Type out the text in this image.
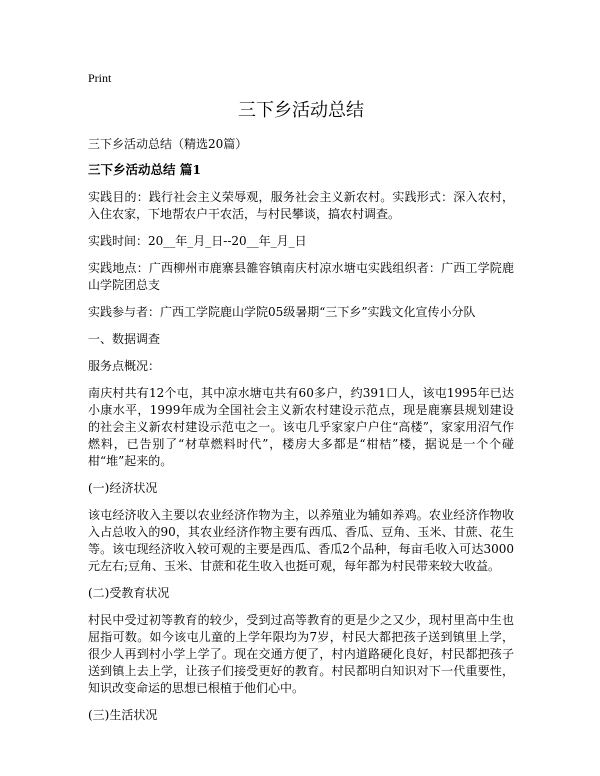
Print
三下乡活动总结
三下乡活动总结（精选20篇）
三下乡活动总结 篇1

实践目的：践行社会主义荣辱观，服务社会主义新农村。实践形式：深入农村，入住农家，下地帮农户干农活，与村民攀谈，搞农村调查。

实践时间：20__年_月_日--20__年_月_日

实践地点：广西柳州市鹿寨县雒容镇南庆村凉水塘屯实践组织者：广西工学院鹿山学院团总支

实践参与者：广西工学院鹿山学院05级暑期“三下乡”实践文化宣传小分队

一、数据调查

服务点概况：

南庆村共有12个屯，其中凉水塘屯共有60多户，约391口人，该屯1995年已达小康水平，1999年成为全国社会主义新农村建设示范点，现是鹿寨县规划建设的社会主义新农村建设示范屯之一。该屯几乎家家户户住“高楼”，家家用沼气作燃料，已告别了“材草燃料时代”，楼房大多都是“柑桔”楼，据说是一个个碰柑“堆”起来的。

(一)经济状况

该屯经济收入主要以农业经济作物为主，以养殖业为辅如养鸡。农业经济作物收入占总收入的90，其农业经济作物主要有西瓜、香瓜、豆角、玉米、甘蔗、花生等。该屯现经济收入较可观的主要是西瓜、香瓜2个品种，每亩毛收入可达3000元左右;豆角、玉米、甘蔗和花生收入也挺可观，每年都为村民带来较大收益。

(二)受教育状况

村民中受过初等教育的较少，受到过高等教育的更是少之又少，现村里高中生也屈指可数。如今该屯儿童的上学年限均为7岁，村民大都把孩子送到镇里上学，很少人再到村小学上学了。现在交通方便了，村内道路硬化良好，村民都把孩子送到镇上去上学，让孩子们接受更好的教育。村民都明白知识对下一代重要性，知识改变命运的思想已根植于他们心中。

(三)生活状况
